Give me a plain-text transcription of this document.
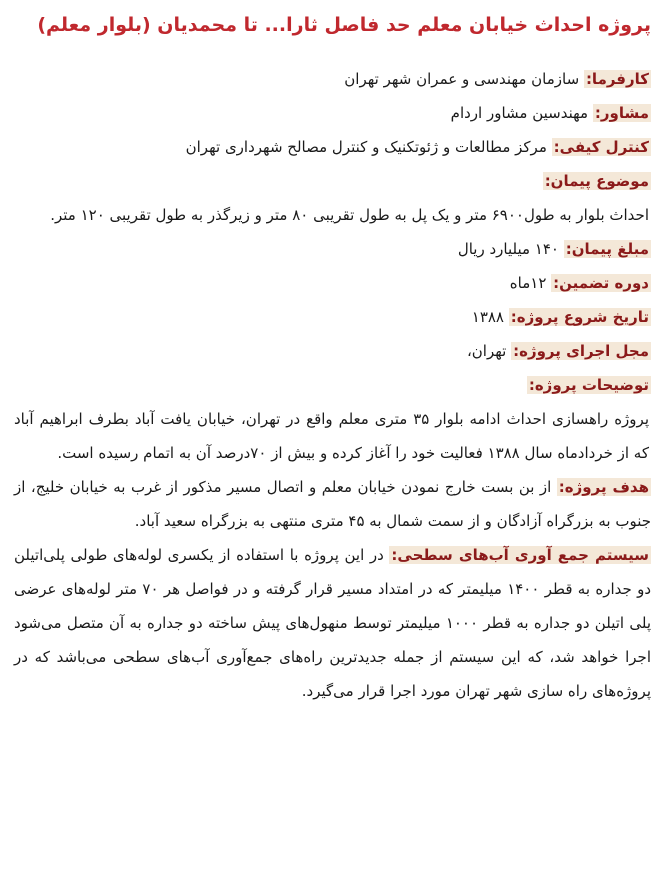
پروژه احداث خیابان معلم حد فاصل ثارا... تا محمدیان (بلوار معلم)
کارفرما: سازمان مهندسی و عمران شهر تهران
مشاور: مهندسین مشاور اردام
کنترل کیفی: مرکز مطالعات و ژئوتکنیک و کنترل مصالح شهرداری تهران
موضوع پیمان:
احداث بلوار به طول۶۹۰۰ متر و یک پل به طول تقریبی ۸۰ متر و زیرگذر به طول تقریبی ۱۲۰ متر.
مبلغ پیمان: ۱۴۰ میلیارد ریال
دوره تضمین: ۱۲ماه
تاریخ شروع پروژه: ۱۳۸۸
مجل اجرای پروژه: تهران،
توضیحات پروژه:
پروژه راهسازی احداث ادامه بلوار ۳۵ متری معلم واقع در تهران، خیابان یافت آباد بطرف ابراهیم آباد که از خردادماه سال ۱۳۸۸ فعالیت خود را آغاز کرده و بیش از ۷۰درصد آن به اتمام رسیده است.
هدف پروژه: از بن بست خارج نمودن خیابان معلم و اتصال مسیر مذکور از غرب به خیابان خلیج، از جنوب به بزرگراه آزادگان و از سمت شمال به ۴۵ متری منتهی به بزرگراه سعید آباد.
سیستم جمع آوری آب‌های سطحی: در این پروژه با استفاده از یکسری لوله‌های طولی پلی‌اتیلن دو جداره به قطر ۱۴۰۰ میلیمتر که در امتداد مسیر قرار گرفته و در فواصل هر ۷۰ متر لوله‌های عرضی پلی اتیلن دو جداره به قطر ۱۰۰۰ میلیمتر توسط منهول‌های پیش ساخته دو جداره به آن متصل می‌شود اجرا خواهد شد، که این سیستم از جمله جدیدترین راه‌های جمع‌آوری آب‌های سطحی می‌باشد که در پروژه‌های راه سازی شهر تهران مورد اجرا قرار می‌گیرد.
